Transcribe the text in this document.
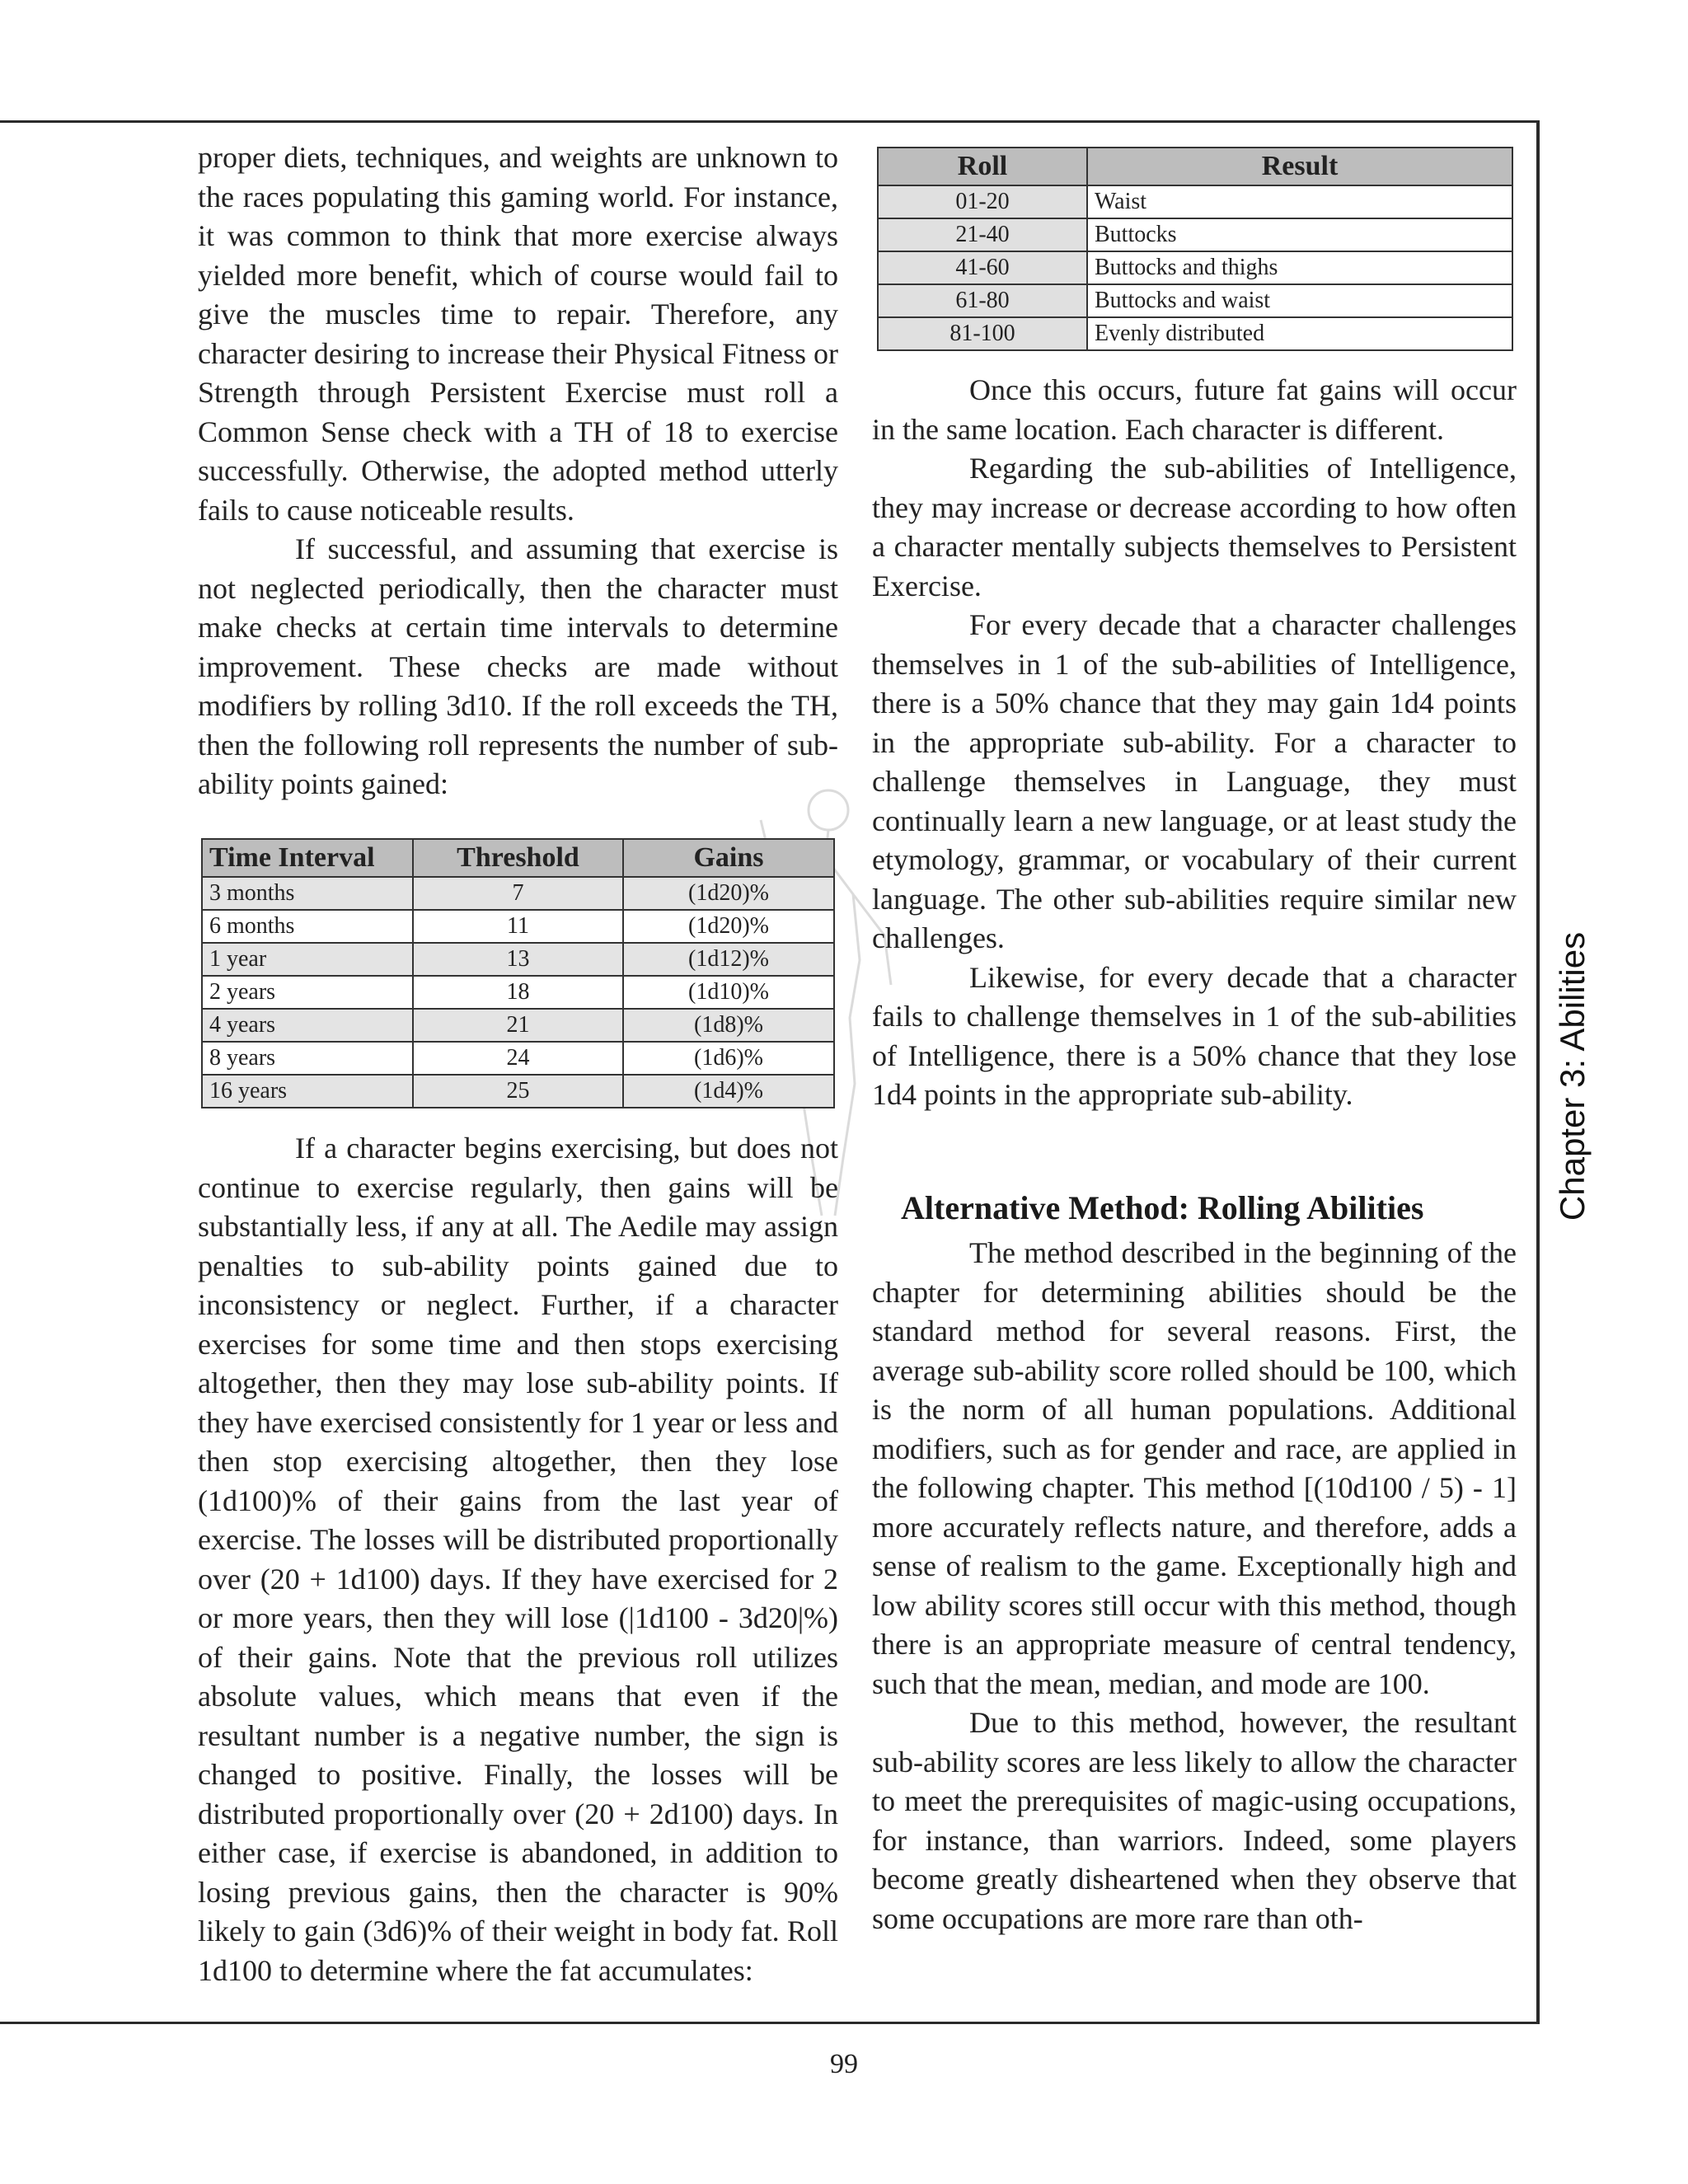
proper diets, techniques, and weights are unknown to the races populating this gaming world. For instance, it was common to think that more exercise always yielded more benefit, which of course would fail to give the muscles time to repair. Therefore, any character desiring to increase their Physical Fitness or Strength through Persistent Exercise must roll a Common Sense check with a TH of 18 to exercise successfully. Otherwise, the adopted method utterly fails to cause noticeable results.

If successful, and assuming that exercise is not neglected periodically, then the character must make checks at certain time intervals to determine improvement. These checks are made without modifiers by rolling 3d10. If the roll exceeds the TH, then the following roll represents the number of sub-ability points gained:

Time Interval	Threshold	Gains
3 months	7	(1d20)%
6 months	11	(1d20)%
1 year	13	(1d12)%
2 years	18	(1d10)%
4 years	21	(1d8)%
8 years	24	(1d6)%
16 years	25	(1d4)%

If a character begins exercising, but does not continue to exercise regularly, then gains will be substantially less, if any at all. The Aedile may assign penalties to sub-ability points gained due to inconsistency or neglect. Further, if a character exercises for some time and then stops exercising altogether, then they may lose sub-ability points. If they have exercised consistently for 1 year or less and then stop exercising altogether, then they lose (1d100)% of their gains from the last year of exercise. The losses will be distributed proportionally over (20 + 1d100) days. If they have exercised for 2 or more years, then they will lose (|1d100 - 3d20|%) of their gains. Note that the previous roll utilizes absolute values, which means that even if the resultant number is a negative number, the sign is changed to positive. Finally, the losses will be distributed proportionally over (20 + 2d100) days. In either case, if exercise is abandoned, in addition to losing previous gains, then the character is 90% likely to gain (3d6)% of their weight in body fat. Roll 1d100 to determine where the fat accumulates:

Roll	Result
01-20	Waist
21-40	Buttocks
41-60	Buttocks and thighs
61-80	Buttocks and waist
81-100	Evenly distributed

Once this occurs, future fat gains will occur in the same location. Each character is different.

Regarding the sub-abilities of Intelligence, they may increase or decrease according to how often a character mentally subjects themselves to Persistent Exercise.

For every decade that a character challenges themselves in 1 of the sub-abilities of Intelligence, there is a 50% chance that they may gain 1d4 points in the appropriate sub-ability. For a character to challenge themselves in Language, they must continually learn a new language, or at least study the etymology, grammar, or vocabulary of their current language. The other sub-abilities require similar new challenges.

Likewise, for every decade that a character fails to challenge themselves in 1 of the sub-abilities of Intelligence, there is a 50% chance that they lose 1d4 points in the appropriate sub-ability.

Alternative Method: Rolling Abilities

The method described in the beginning of the chapter for determining abilities should be the standard method for several reasons. First, the average sub-ability score rolled should be 100, which is the norm of all human populations. Additional modifiers, such as for gender and race, are applied in the following chapter. This method [(10d100 / 5) - 1] more accurately reflects nature, and therefore, adds a sense of realism to the game. Exceptionally high and low ability scores still occur with this method, though there is an appropriate measure of central tendency, such that the mean, median, and mode are 100.

Due to this method, however, the resultant sub-ability scores are less likely to allow the character to meet the prerequisites of magic-using occupations, for instance, than warriors. Indeed, some players become greatly disheartened when they observe that some occupations are more rare than oth-

Chapter 3: Abilities
99
